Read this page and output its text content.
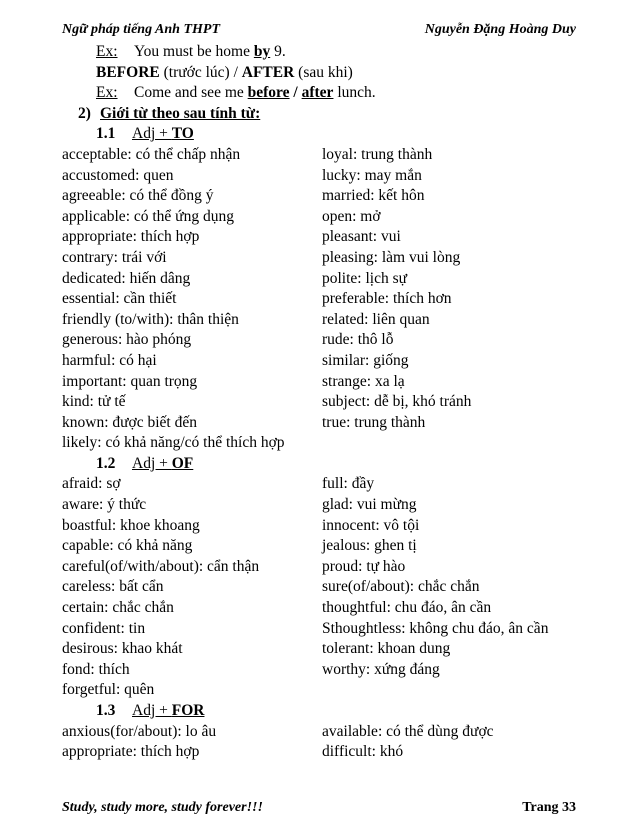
Ngữ pháp tiếng Anh THPT	Nguyễn Đặng Hoàng Duy
Ex: You must be home by 9.
BEFORE (trước lúc) / AFTER (sau khi)
Ex: Come and see me before / after lunch.
2) Giới từ theo sau tính từ:
1.1 Adj + TO
acceptable: có thể chấp nhận	loyal: trung thành
accustomed: quen	lucky: may mắn
agreeable: có thể đồng ý	married: kết hôn
applicable: có thể ứng dụng	open: mở
appropriate: thích hợp	pleasant: vui
contrary: trái với	pleasing: làm vui lòng
dedicated: hiến dâng	polite: lịch sự
essential: cần thiết	preferable: thích hơn
friendly (to/with): thân thiện	related: liên quan
generous: hào phóng	rude: thô lỗ
harmful: có hại	similar: giống
important: quan trọng	strange: xa lạ
kind: tử tế	subject: dễ bị, khó tránh
known: được biết đến	true: trung thành
likely: có khả năng/có thể thích hợp
1.2 Adj + OF
afraid: sợ	full: đầy
aware: ý thức	glad: vui mừng
boastful: khoe khoang	innocent: vô tội
capable: có khả năng	jealous: ghen tị
careful(of/with/about): cẩn thận	proud: tự hào
careless: bất cẩn	sure(of/about): chắc chắn
certain: chắc chắn	thoughtful: chu đáo, ân cần
confident: tin	Sthoughtless: không chu đáo, ân cần
desirous: khao khát	tolerant: khoan dung
fond: thích	worthy: xứng đáng
forgetful: quên
1.3 Adj + FOR
anxious(for/about): lo âu	available: có thể dùng được
appropriate: thích hợp	difficult: khó
Study, study more, study forever!!!	Trang 33
